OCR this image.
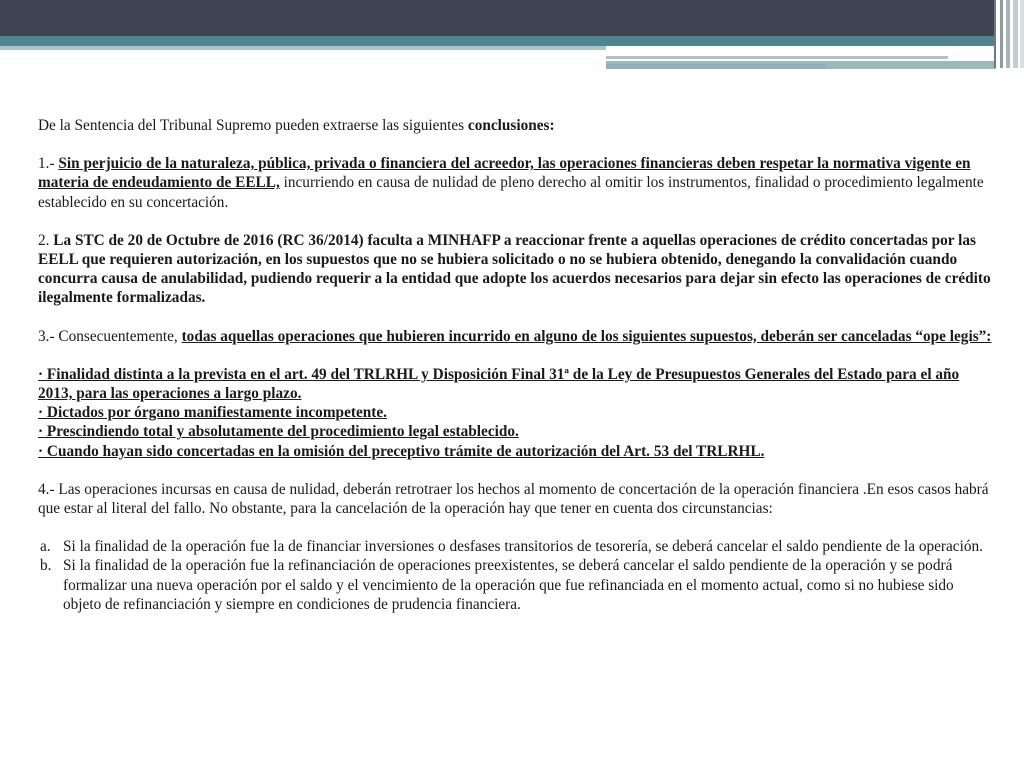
De la Sentencia del Tribunal Supremo pueden extraerse las siguientes conclusiones:

1.- Sin perjuicio de la naturaleza, pública, privada o financiera del acreedor, las operaciones financieras deben respetar la normativa vigente en materia de endeudamiento de EELL, incurriendo en causa de nulidad de pleno derecho al omitir los instrumentos, finalidad o procedimiento legalmente establecido en su concertación.

2. La STC de 20 de Octubre de 2016 (RC 36/2014) faculta a MINHAFP a reaccionar frente a aquellas operaciones de crédito concertadas por las EELL que requieren autorización, en los supuestos que no se hubiera solicitado o no se hubiera obtenido, denegando la convalidación cuando concurra causa de anulabilidad, pudiendo requerir a la entidad que adopte los acuerdos necesarios para dejar sin efecto las operaciones de crédito ilegalmente formalizadas.

3.- Consecuentemente, todas aquellas operaciones que hubieren incurrido en alguno de los siguientes supuestos, deberán ser canceladas “ope legis”:

· Finalidad distinta a la prevista en el art. 49 del TRLRHL y Disposición Final 31ª de la Ley de Presupuestos Generales del Estado para el año 2013, para las operaciones a largo plazo.

· Dictados por órgano manifiestamente incompetente.

· Prescindiendo total y absolutamente del procedimiento legal establecido.

· Cuando hayan sido concertadas en la omisión del preceptivo trámite de autorización del Art. 53 del TRLRHL.

4.- Las operaciones incursas en causa de nulidad, deberán retrotraer los hechos al momento de concertación de la operación financiera .En esos casos habrá que estar al literal del fallo. No obstante, para la cancelación de la operación hay que tener en cuenta dos circunstancias:

a. Si la finalidad de la operación fue la de financiar inversiones o desfases transitorios de tesorería, se deberá cancelar el saldo pendiente de la operación.
b. Si la finalidad de la operación fue la refinanciación de operaciones preexistentes, se deberá cancelar el saldo pendiente de la operación y se podrá formalizar una nueva operación por el saldo y el vencimiento de la operación que fue refinanciada en el momento actual, como si no hubiese sido objeto de refinanciación y siempre en condiciones de prudencia financiera.
